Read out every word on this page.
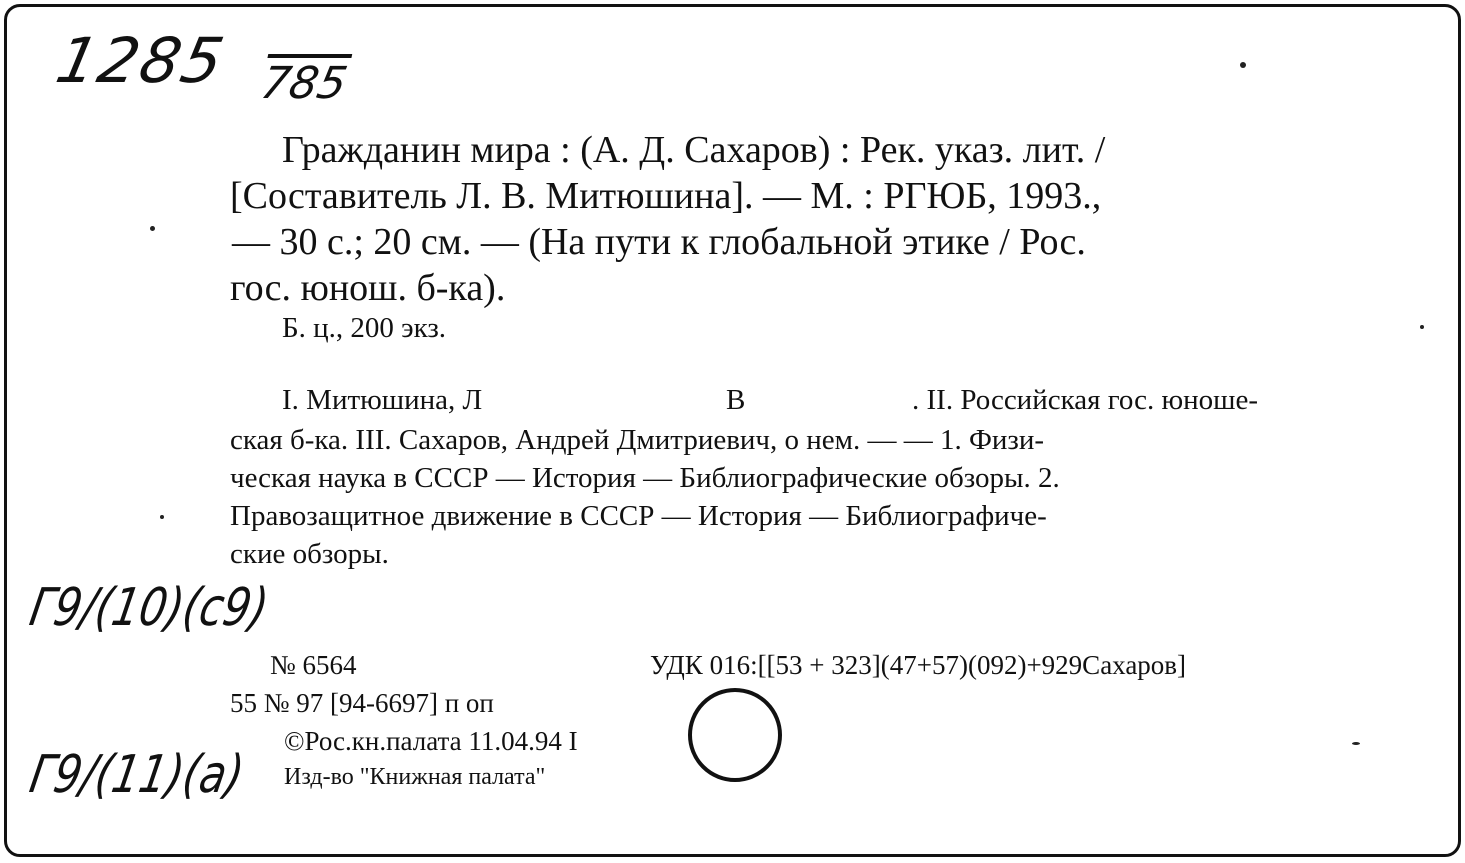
1285 785
Гражданин мира : (А. Д. Сахаров) : Рек. указ. лит. /
[Составитель Л. В. Митюшина]. — М. : РГЮБ, 1993.,
— 30 с.; 20 см. — (На пути к глобальной этике / Рос.
гос. юнош. б-ка).
Б. ц., 200 экз.
I. Митюшина, Л	В	. II. Российская гос. юноше-
ская б-ка. III. Сахаров, Андрей Дмитриевич, о нем. — — 1. Физи-
ческая наука в СССР — История — Библиографические обзоры. 2.
Правозащитное движение в СССР — История — Библиографиче-
ские обзоры.
Г9/(10)(с9)
Г9/(11)(а)
№ 6564	УДК 016:[[53 + 323](47+57)(092)+929Сахаров]
55 № 97 [94-6697] п оп
©Рос.кн.палата 11.04.94 I
Изд-во "Книжная палата"
